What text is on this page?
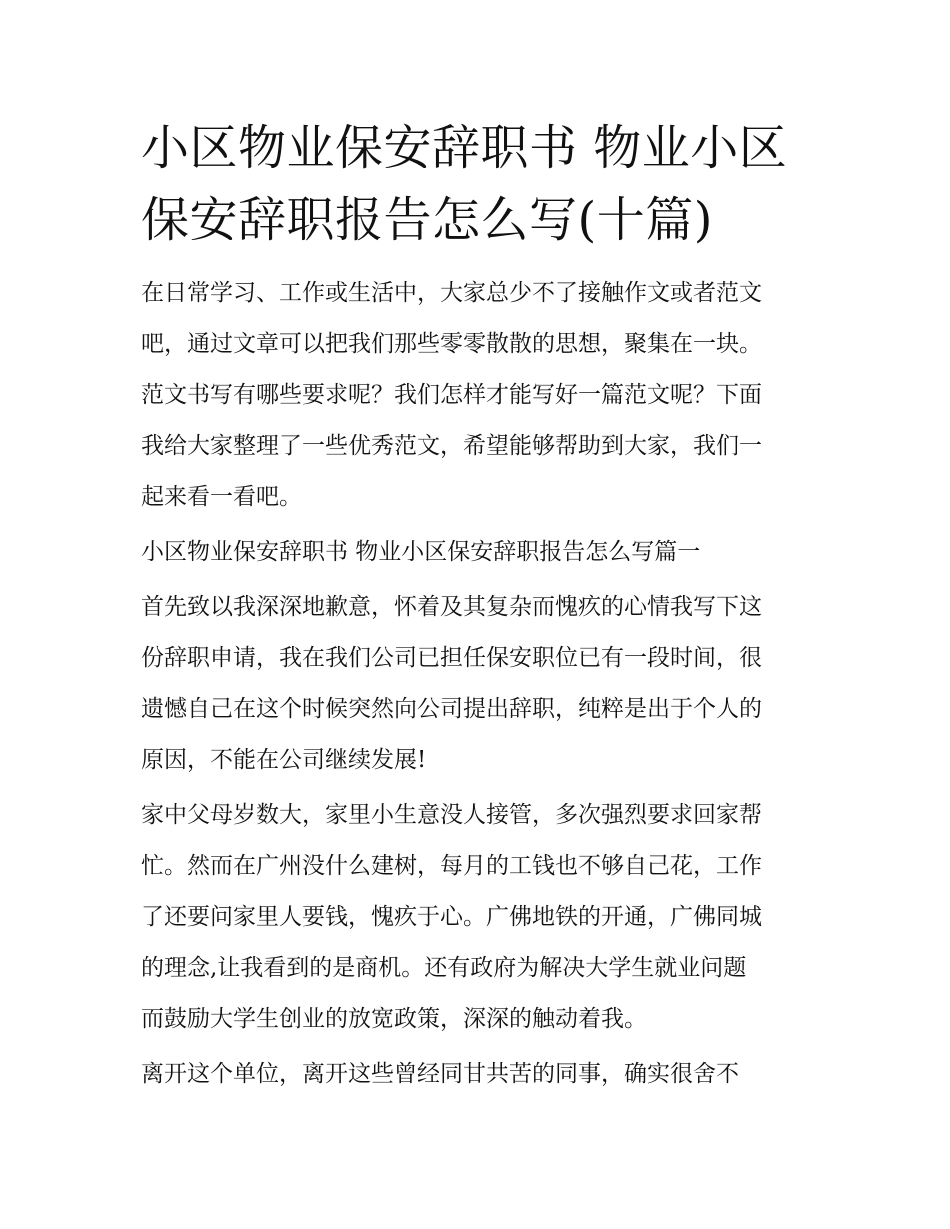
小区物业保安辞职书 物业小区
保安辞职报告怎么写(十篇)

在日常学习、工作或生活中，大家总少不了接触作文或者范文
吧，通过文章可以把我们那些零零散散的思想，聚集在一块。
范文书写有哪些要求呢？我们怎样才能写好一篇范文呢？下面
我给大家整理了一些优秀范文，希望能够帮助到大家，我们一
起来看一看吧。

小区物业保安辞职书 物业小区保安辞职报告怎么写篇一

首先致以我深深地歉意，怀着及其复杂而愧疚的心情我写下这
份辞职申请，我在我们公司已担任保安职位已有一段时间，很
遗憾自己在这个时候突然向公司提出辞职，纯粹是出于个人的
原因，不能在公司继续发展!

家中父母岁数大，家里小生意没人接管，多次强烈要求回家帮
忙。然而在广州没什么建树，每月的工钱也不够自己花，工作
了还要问家里人要钱，愧疚于心。广佛地铁的开通，广佛同城
的理念,让我看到的是商机。还有政府为解决大学生就业问题
而鼓励大学生创业的放宽政策，深深的触动着我。

离开这个单位，离开这些曾经同甘共苦的同事，确实很舍不
